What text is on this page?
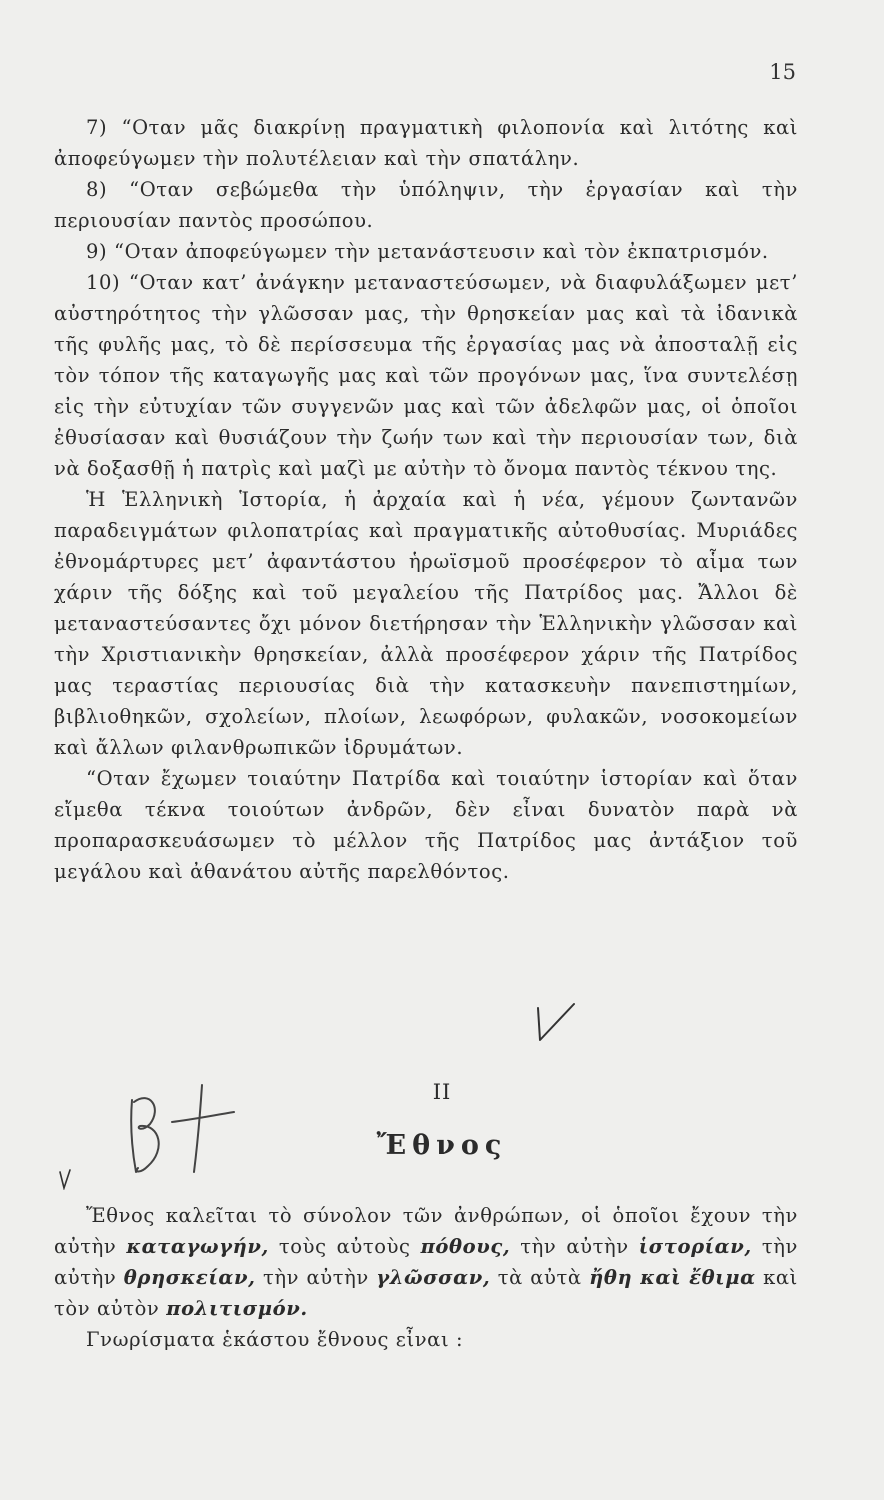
15

7) “Οταν μᾶς διακρίνῃ πραγματικὴ φιλοπονία καὶ λιτότης καὶ ἀποφεύγωμεν τὴν πολυτέλειαν καὶ τὴν σπατάλην.

8) “Οταν σεβώμεθα τὴν ὑπόληψιν, τὴν ἐργασίαν καὶ τὴν περιουσίαν παντὸς προσώπου.

9) “Οταν ἀποφεύγωμεν τὴν μετανάστευσιν καὶ τὸν ἐκπατρισμόν.

10) “Οταν κατ’ ἀνάγκην μεταναστεύσωμεν, νὰ διαφυλάξωμεν μετ’ αὐστηρότητος τὴν γλῶσσαν μας, τὴν θρησκείαν μας καὶ τὰ ἰδανικὰ τῆς φυλῆς μας, τὸ δὲ περίσσευμα τῆς ἐργασίας μας νὰ ἀποσταλῇ εἰς τὸν τόπον τῆς καταγωγῆς μας καὶ τῶν προγόνων μας, ἵνα συντελέσῃ εἰς τὴν εὐτυχίαν τῶν συγγενῶν μας καὶ τῶν ἀδελφῶν μας, οἱ ὁποῖοι ἐθυσίασαν καὶ θυσιάζουν τὴν ζωήν των καὶ τὴν περιουσίαν των, διὰ νὰ δοξασθῇ ἡ πατρὶς καὶ μαζὶ με αὐτὴν τὸ ὄνομα παντὸς τέκνου της.

Ἡ Ἑλληνικὴ Ἱστορία, ἡ ἀρχαία καὶ ἡ νέα, γέμουν ζωντανῶν παραδειγμάτων φιλοπατρίας καὶ πραγματικῆς αὐτοθυσίας. Μυριάδες ἐθνομάρτυρες μετ’ ἀφαντάστου ἡρωϊσμοῦ προσέφερον τὸ αἷμα των χάριν τῆς δόξης καὶ τοῦ μεγαλείου τῆς Πατρίδος μας. Ἄλλοι δὲ μεταναστεύσαντες ὄχι μόνον διετήρησαν τὴν Ἑλληνικὴν γλῶσσαν καὶ τὴν Χριστιανικὴν θρησκείαν, ἀλλὰ προσέφερον χάριν τῆς Πατρίδος μας τεραστίας περιουσίας διὰ τὴν κατασκευὴν πανεπιστημίων, βιβλιοθηκῶν, σχολείων, πλοίων, λεωφόρων, φυλακῶν, νοσοκομείων καὶ ἄλλων φιλανθρωπικῶν ἱδρυμάτων.

“Οταν ἔχωμεν τοιαύτην Πατρίδα καὶ τοιαύτην ἱστορίαν καὶ ὅταν εἴμεθα τέκνα τοιούτων ἀνδρῶν, δὲν εἶναι δυνατὸν παρὰ νὰ προπαρασκευάσωμεν τὸ μέλλον τῆς Πατρίδος μας ἀντάξιον τοῦ μεγάλου καὶ ἀθανάτου αὐτῆς παρελθόντος.

II
Ἔθνος

Ἔθνος καλεῖται τὸ σύνολον τῶν ἀνθρώπων, οἱ ὁποῖοι ἔχουν τὴν αὐτὴν καταγωγήν, τοὺς αὐτοὺς πόθους, τὴν αὐτὴν ἱστορίαν, τὴν αὐτὴν θρησκείαν, τὴν αὐτὴν γλῶσσαν, τὰ αὐτὰ ἤθη καὶ ἔθιμα καὶ τὸν αὐτὸν πολιτισμόν.

Γνωρίσματα ἑκάστου ἔθνους εἶναι :
